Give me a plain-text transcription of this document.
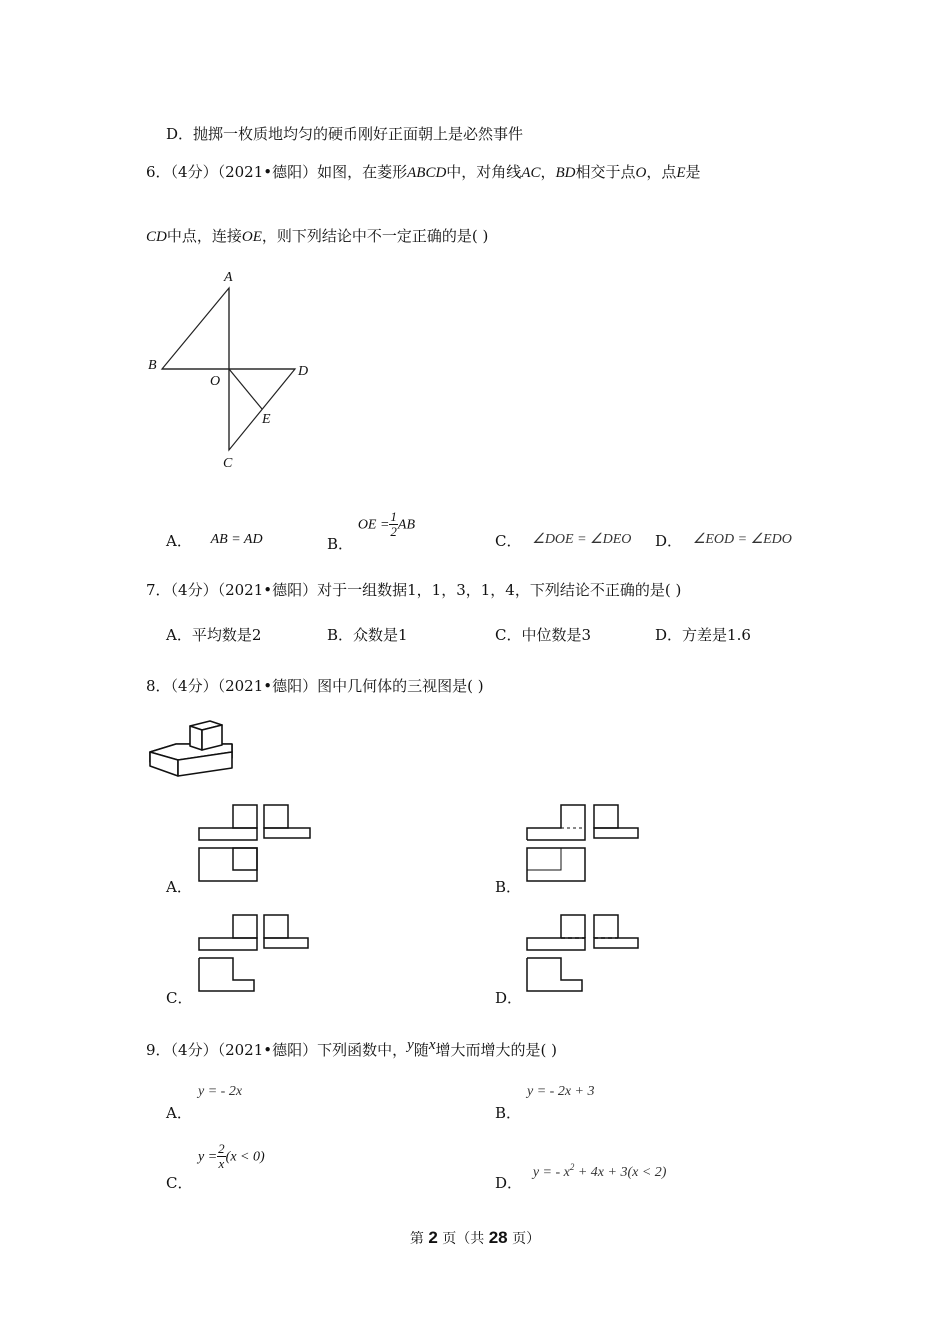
D．抛掷一枚质地均匀的硬币刚好正面朝上是必然事件
6．（4分）（2021•德阳）如图，在菱形ABCD中，对角线AC，BD相交于点O，点E是
CD中点，连接OE，则下列结论中不一定正确的是( )
A
B
C
D
O
E
A． AB = AD	B． OE = $\frac{1}{2}$ AB
C． ∠DOE = ∠DEO D． ∠EOD = ∠EDO
7．（4分）（2021•德阳）对于一组数据1，1，3，1，4，下列结论不正确的是( )
A．平均数是2	B．众数是1	C．中位数是3	D．方差是1.6
8．（4分）（2021•德阳）图中几何体的三视图是( )
A．	B．
C．	D．
9．（4分）（2021•德阳）下列函数中，y随x增大而增大的是( )
y = - 2x
A．
y = - 2x + 3
B．
C．
$y = \frac{2}{x} (x < 0)$
D． y = - $x^2 + 4x + 3(x < 2)$
第 2 页（共 28 页）
